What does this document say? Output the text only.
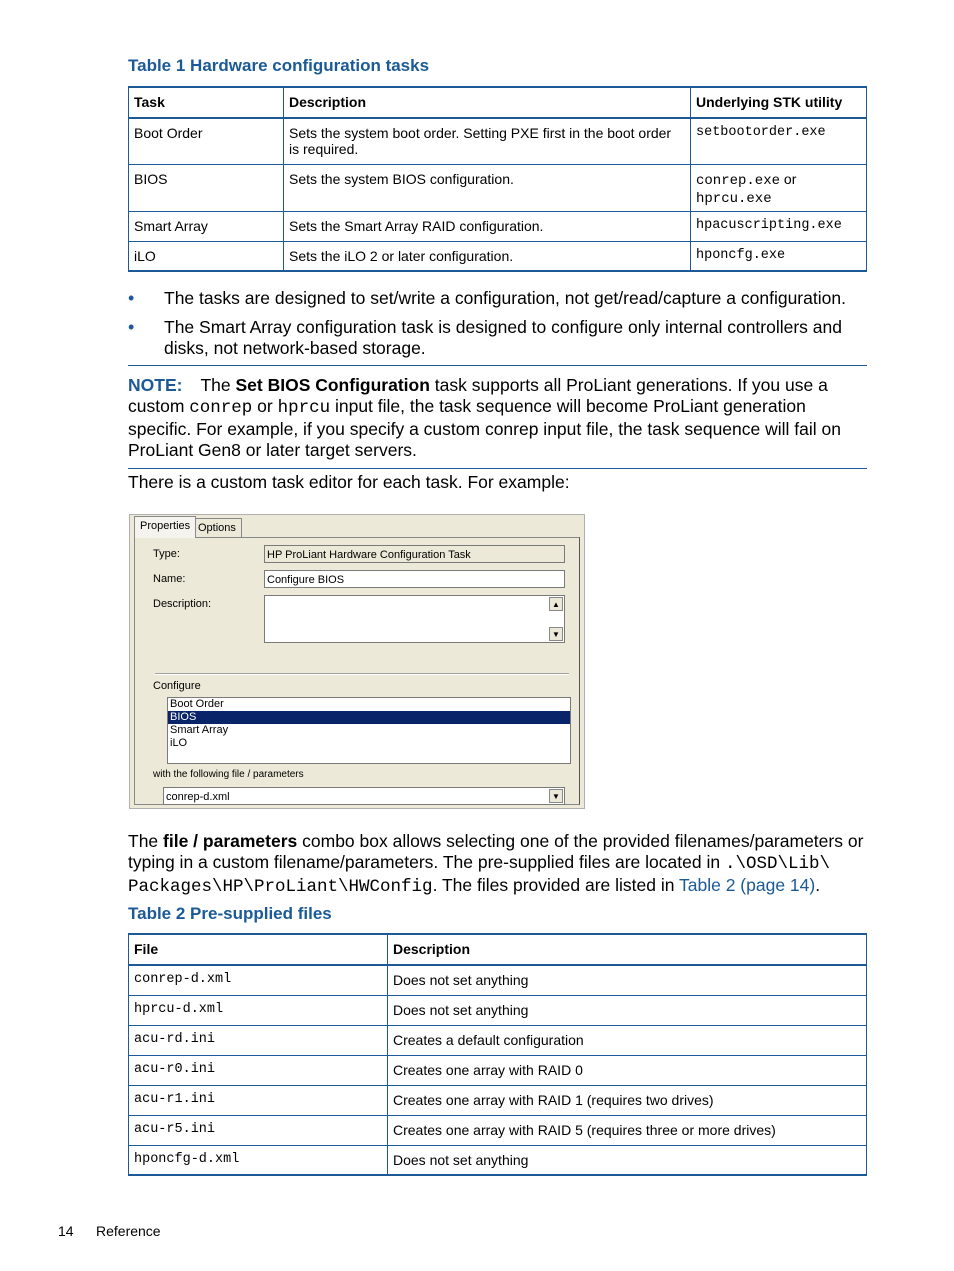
Table 1 Hardware configuration tasks
Task	Description	Underlying STK utility
Boot Order	Sets the system boot order. Setting PXE first in the boot order is required.	setbootorder.exe
BIOS	Sets the system BIOS configuration.	conrep.exe or
hprcu.exe
Smart Array	Sets the Smart Array RAID configuration.	hpacuscripting.exe
iLO	Sets the iLO 2 or later configuration.	hponcfg.exe
• The tasks are designed to set/write a configuration, not get/read/capture a configuration.
• The Smart Array configuration task is designed to configure only internal controllers and disks, not network-based storage.
NOTE: The Set BIOS Configuration task supports all ProLiant generations. If you use a custom conrep or hprcu input file, the task sequence will become ProLiant generation specific. For example, if you specify a custom conrep input file, the task sequence will fail on ProLiant Gen8 or later target servers.
There is a custom task editor for each task. For example:
Properties Options
Type:	HP ProLiant Hardware Configuration Task
Name:	Configure BIOS
Description:	▲
▼
Configure
Boot Order
BIOS
Smart Array
iLO
with the following file / parameters
conrep-d.xml	▼
The file / parameters combo box allows selecting one of the provided filenames/parameters or typing in a custom filename/parameters. The pre-supplied files are located in .\OSD\Lib\ Packages\HP\ProLiant\HWConfig. The files provided are listed in Table 2 (page 14).
Table 2 Pre-supplied files
File	Description
conrep-d.xml	Does not set anything
hprcu-d.xml	Does not set anything
acu-rd.ini	Creates a default configuration
acu-r0.ini	Creates one array with RAID 0
acu-r1.ini	Creates one array with RAID 1 (requires two drives)
acu-r5.ini	Creates one array with RAID 5 (requires three or more drives)
hponcfg-d.xml	Does not set anything
14 Reference
